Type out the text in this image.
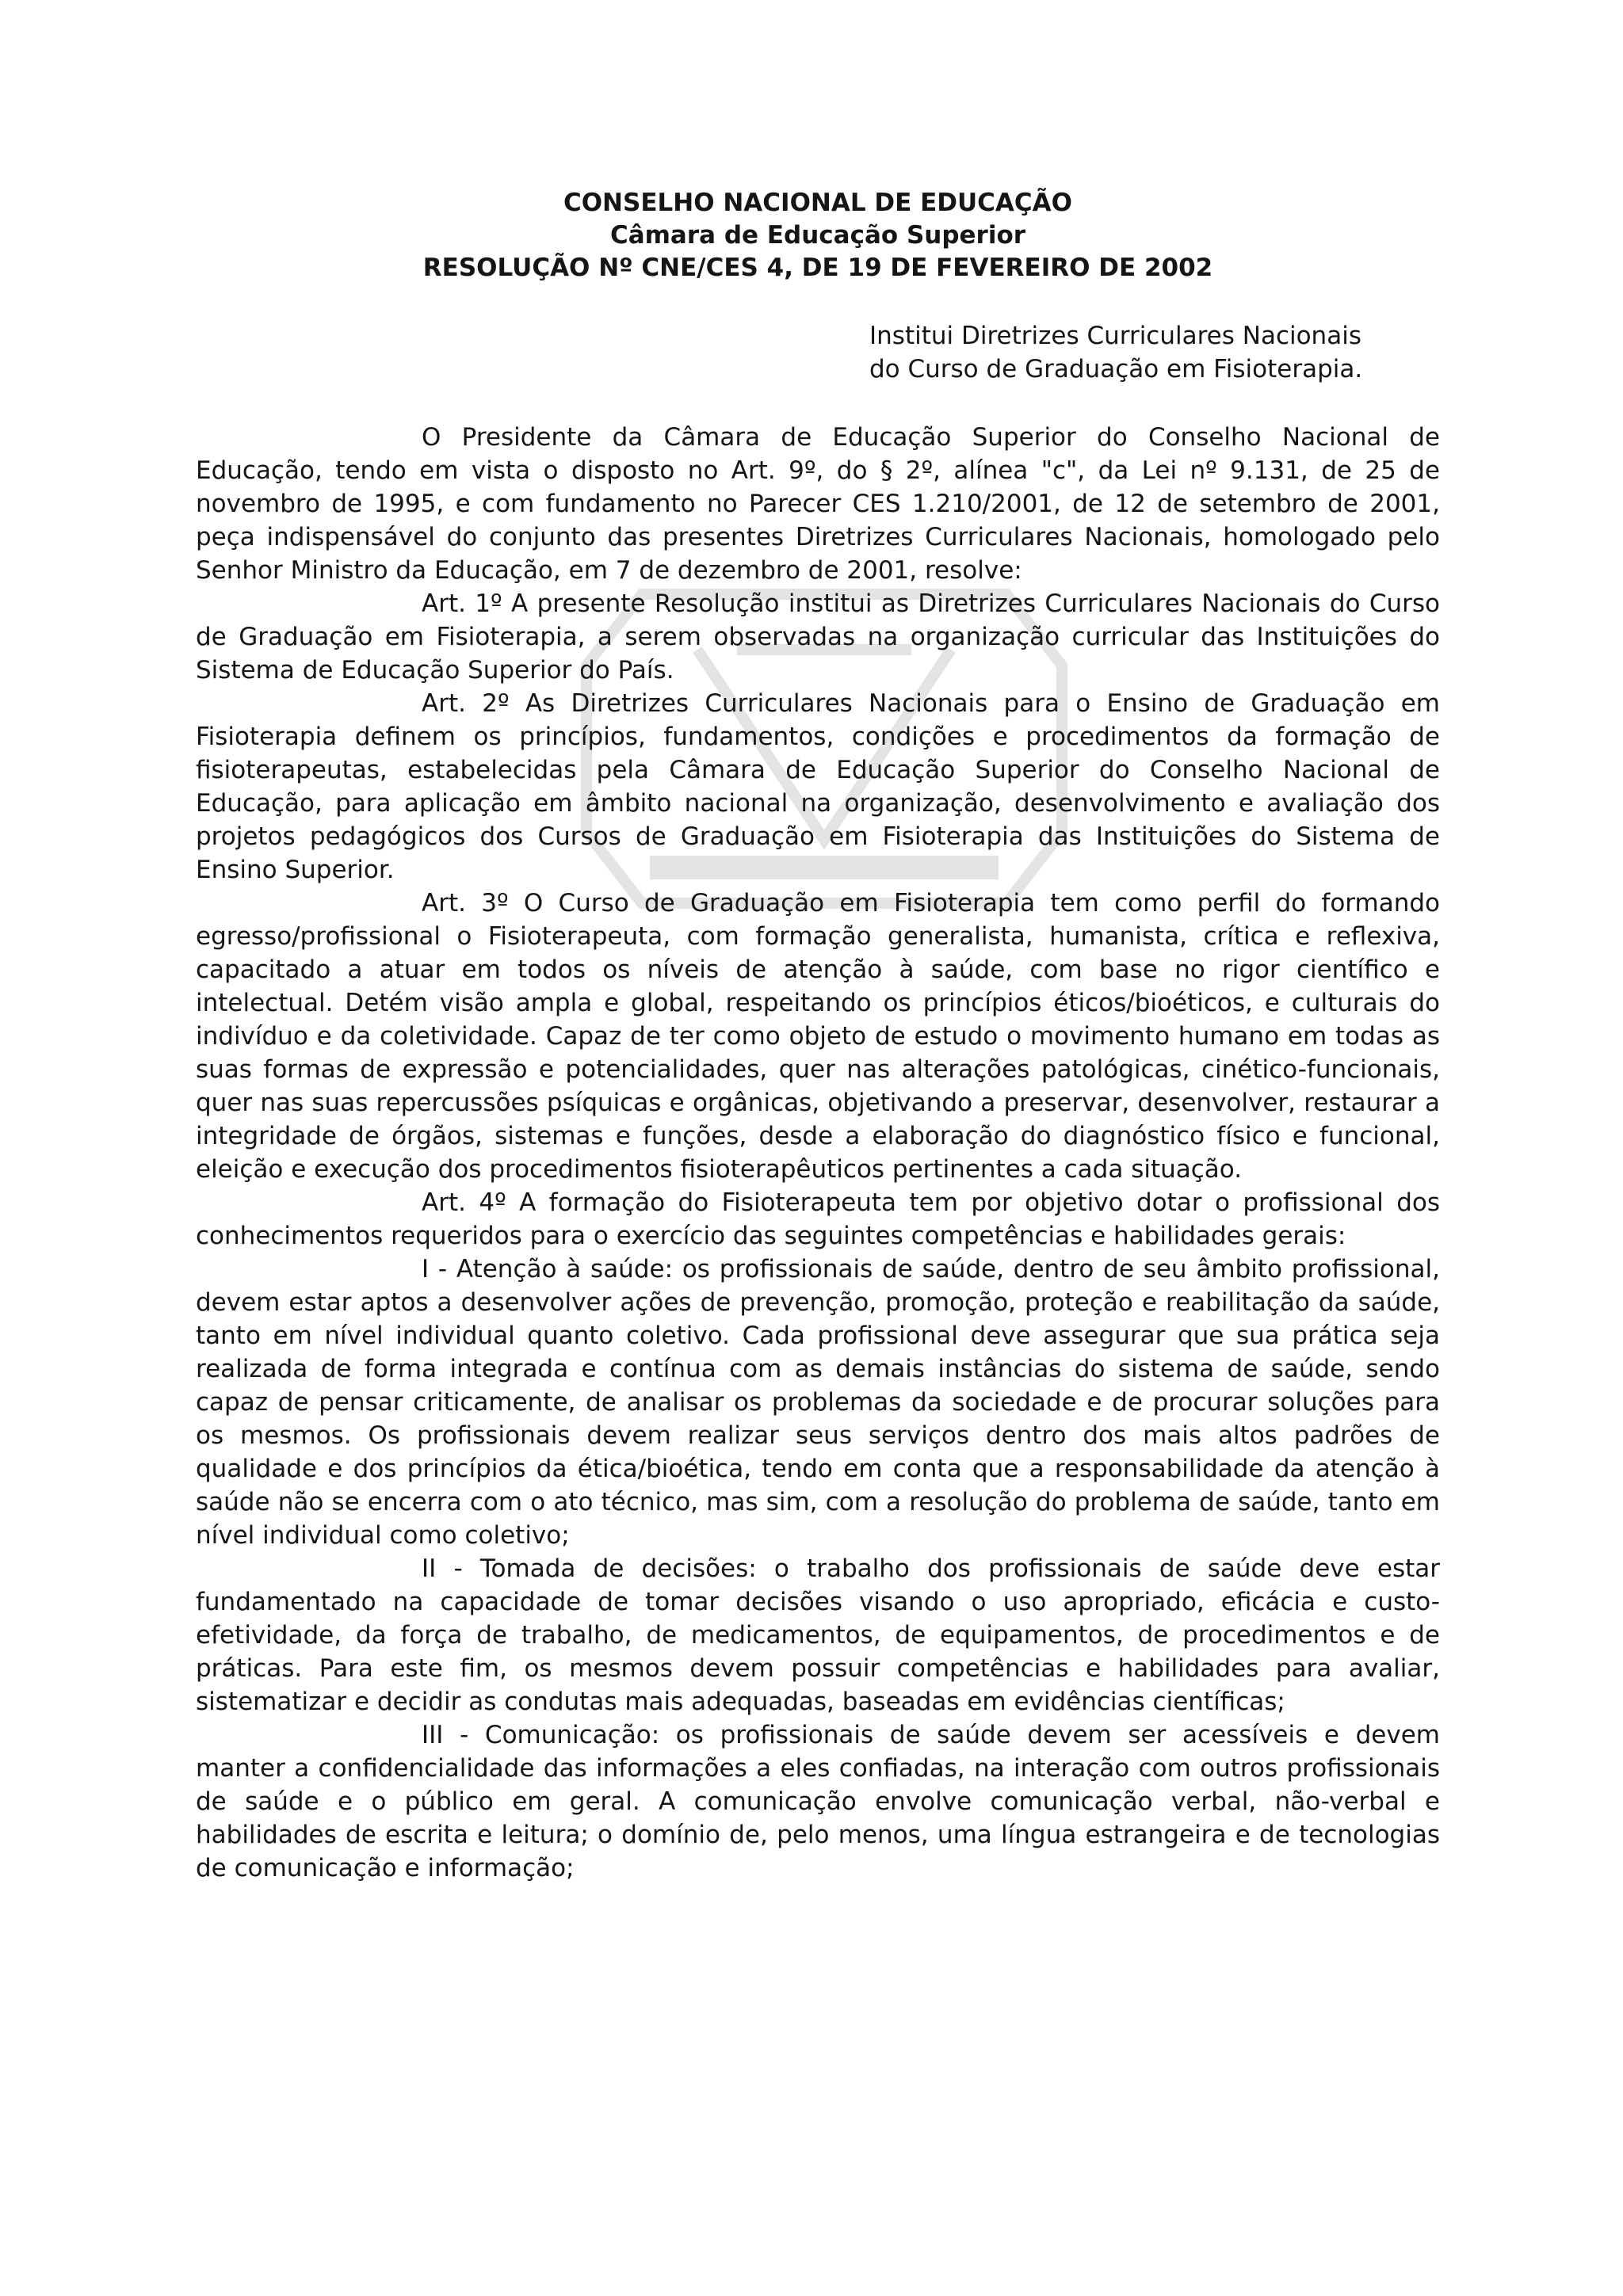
CONSELHO NACIONAL DE EDUCAÇÃO
Câmara de Educação Superior
RESOLUÇÃO Nº CNE/CES 4, DE 19 DE FEVEREIRO DE 2002
Institui Diretrizes Curriculares Nacionais
do Curso de Graduação em Fisioterapia.

O Presidente da Câmara de Educação Superior do Conselho Nacional de Educação, tendo em vista o disposto no Art. 9º, do § 2º, alínea "c", da Lei nº 9.131, de 25 de novembro de 1995, e com fundamento no Parecer CES 1.210/2001, de 12 de setembro de 2001, peça indispensável do conjunto das presentes Diretrizes Curriculares Nacionais, homologado pelo Senhor Ministro da Educação, em 7 de dezembro de 2001, resolve:

Art. 1º A presente Resolução institui as Diretrizes Curriculares Nacionais do Curso de Graduação em Fisioterapia, a serem observadas na organização curricular das Instituições do Sistema de Educação Superior do País.

Art. 2º As Diretrizes Curriculares Nacionais para o Ensino de Graduação em Fisioterapia definem os princípios, fundamentos, condições e procedimentos da formação de fisioterapeutas, estabelecidas pela Câmara de Educação Superior do Conselho Nacional de Educação, para aplicação em âmbito nacional na organização, desenvolvimento e avaliação dos projetos pedagógicos dos Cursos de Graduação em Fisioterapia das Instituições do Sistema de Ensino Superior.

Art. 3º O Curso de Graduação em Fisioterapia tem como perfil do formando egresso/profissional o Fisioterapeuta, com formação generalista, humanista, crítica e reflexiva, capacitado a atuar em todos os níveis de atenção à saúde, com base no rigor científico e intelectual. Detém visão ampla e global, respeitando os princípios éticos/bioéticos, e culturais do indivíduo e da coletividade. Capaz de ter como objeto de estudo o movimento humano em todas as suas formas de expressão e potencialidades, quer nas alterações patológicas, cinético-funcionais, quer nas suas repercussões psíquicas e orgânicas, objetivando a preservar, desenvolver, restaurar a integridade de órgãos, sistemas e funções, desde a elaboração do diagnóstico físico e funcional, eleição e execução dos procedimentos fisioterapêuticos pertinentes a cada situação.

Art. 4º A formação do Fisioterapeuta tem por objetivo dotar o profissional dos conhecimentos requeridos para o exercício das seguintes competências e habilidades gerais:

I - Atenção à saúde: os profissionais de saúde, dentro de seu âmbito profissional, devem estar aptos a desenvolver ações de prevenção, promoção, proteção e reabilitação da saúde, tanto em nível individual quanto coletivo. Cada profissional deve assegurar que sua prática seja realizada de forma integrada e contínua com as demais instâncias do sistema de saúde, sendo capaz de pensar criticamente, de analisar os problemas da sociedade e de procurar soluções para os mesmos. Os profissionais devem realizar seus serviços dentro dos mais altos padrões de qualidade e dos princípios da ética/bioética, tendo em conta que a responsabilidade da atenção à saúde não se encerra com o ato técnico, mas sim, com a resolução do problema de saúde, tanto em nível individual como coletivo;

II - Tomada de decisões: o trabalho dos profissionais de saúde deve estar fundamentado na capacidade de tomar decisões visando o uso apropriado, eficácia e custo-efetividade, da força de trabalho, de medicamentos, de equipamentos, de procedimentos e de práticas. Para este fim, os mesmos devem possuir competências e habilidades para avaliar, sistematizar e decidir as condutas mais adequadas, baseadas em evidências científicas;

III - Comunicação: os profissionais de saúde devem ser acessíveis e devem manter a confidencialidade das informações a eles confiadas, na interação com outros profissionais de saúde e o público em geral. A comunicação envolve comunicação verbal, não-verbal e habilidades de escrita e leitura; o domínio de, pelo menos, uma língua estrangeira e de tecnologias de comunicação e informação;
